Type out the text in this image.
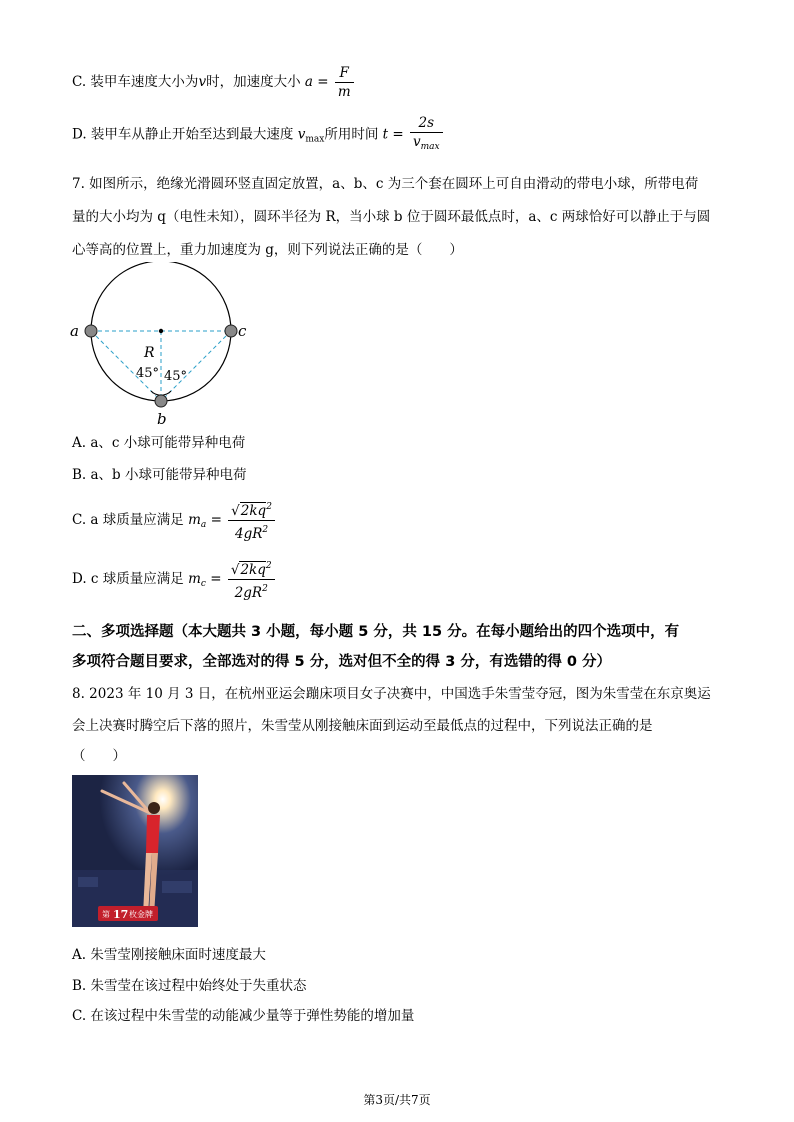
C. 装甲车速度大小为v时，加速度大小 $a = \frac{F}{m}$
D. 装甲车从静止开始至达到最大速度 $v_{max}$所用时间 $t = \frac{2s}{v_{max}}$
7. 如图所示，绝缘光滑圆环竖直固定放置，a、b、c 为三个套在圆环上可自由滑动的带电小球，所带电荷
量的大小均为 q（电性未知），圆环半径为 R，当小球 b 位于圆环最低点时，a、c 两球恰好可以静止于与圆
心等高的位置上，重力加速度为 g，则下列说法正确的是（　　）
a	c
b
R
45° 45°
A. a、c 小球可能带异种电荷
B. a、b 小球可能带异种电荷
C. a 球质量应满足 $m_a = \frac{√2kq^2}{4gR^2}$
D. c 球质量应满足 $m_c = \frac{√2kq^2}{2gR^2}$
二、多项选择题（本大题共 3 小题，每小题 5 分，共 15 分。在每小题给出的四个选项中，有
多项符合题目要求，全部选对的得 5 分，选对但不全的得 3 分，有选错的得 0 分）
8. 2023 年 10 月 3 日，在杭州亚运会蹦床项目女子决赛中，中国选手朱雪莹夺冠，图为朱雪莹在东京奥运
会上决赛时腾空后下落的照片，朱雪莹从刚接触床面到运动至最低点的过程中，下列说法正确的是
（　　）
第 17 枚金牌
A. 朱雪莹刚接触床面时速度最大
B. 朱雪莹在该过程中始终处于失重状态
C. 在该过程中朱雪莹的动能减少量等于弹性势能的增加量
第3页/共7页
